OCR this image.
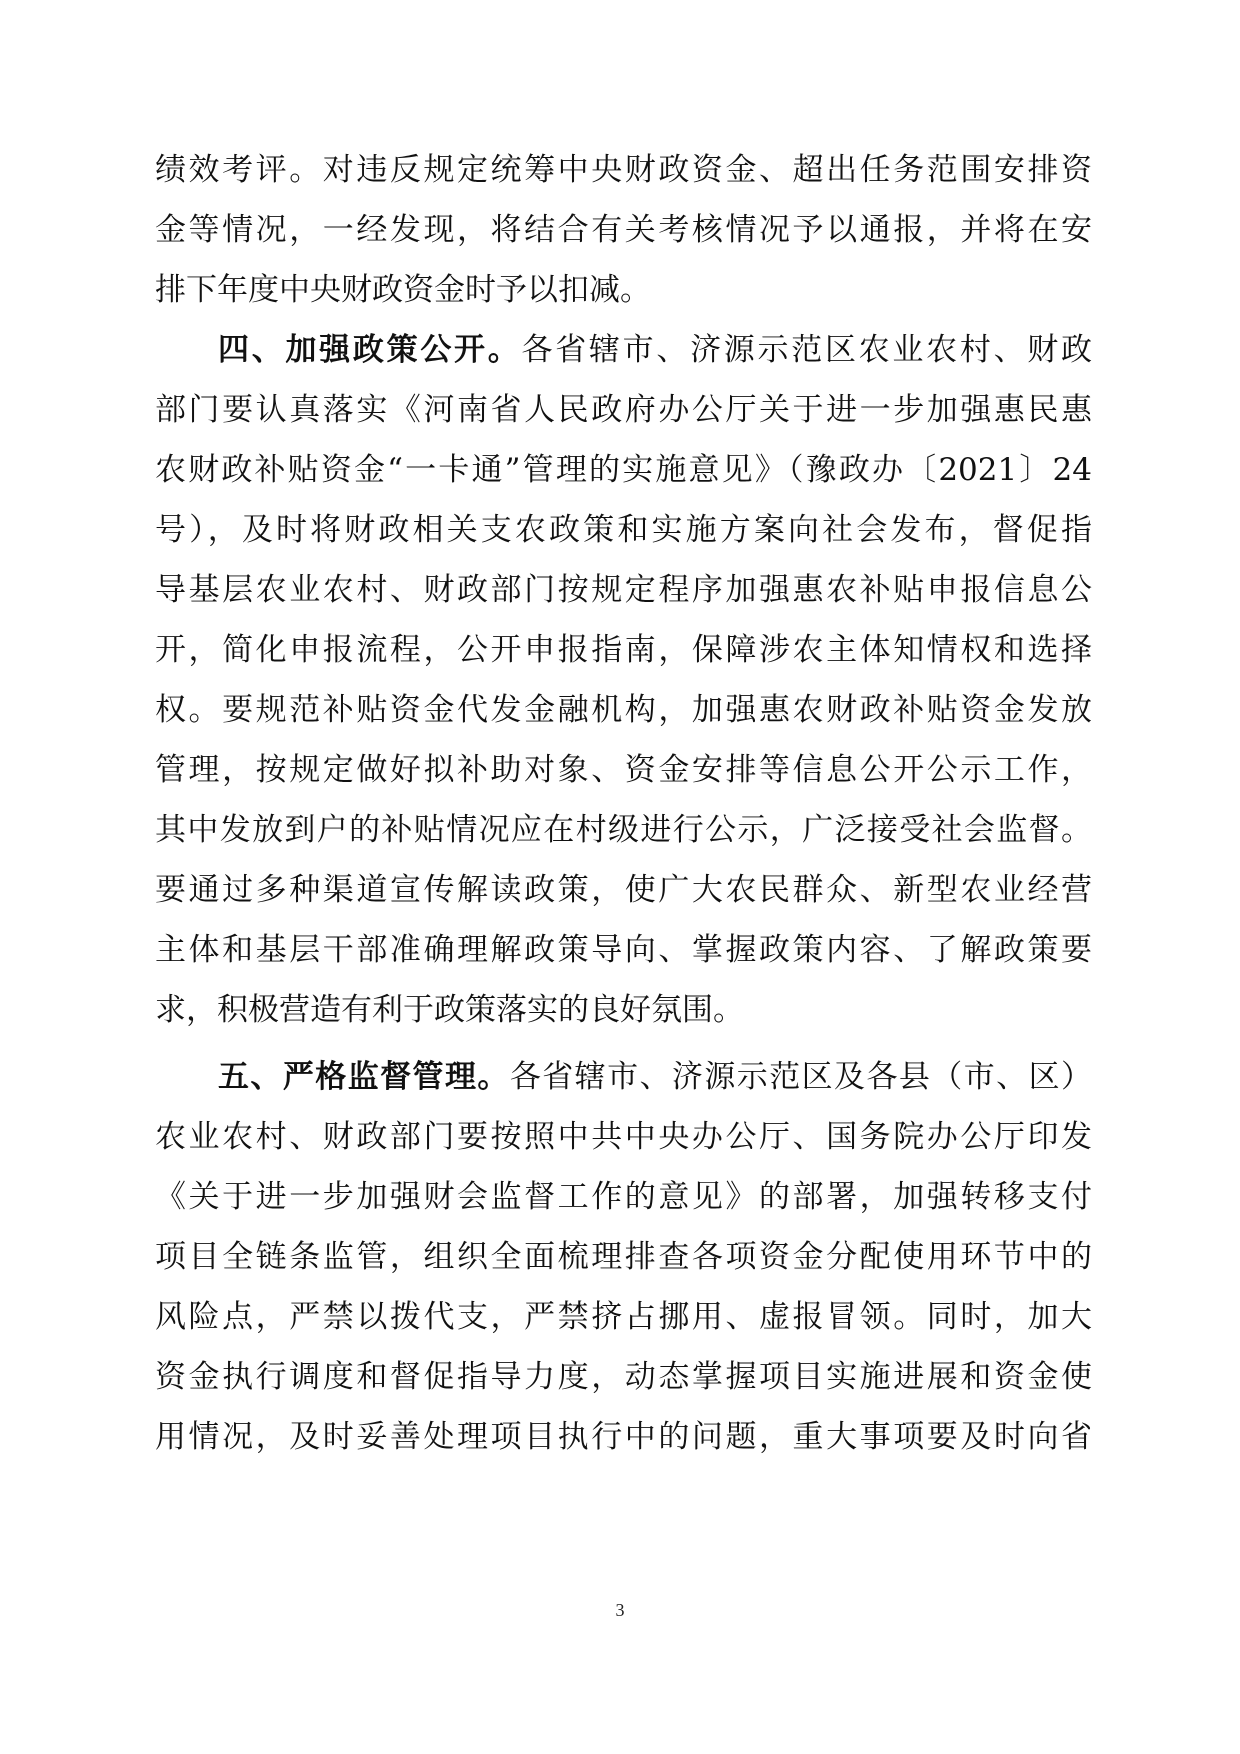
绩效考评。对违反规定统筹中央财政资金、超出任务范围安排资
金等情况，一经发现，将结合有关考核情况予以通报，并将在安
排下年度中央财政资金时予以扣减。
四、加强政策公开。各省辖市、济源示范区农业农村、财政
部门要认真落实《河南省人民政府办公厅关于进一步加强惠民惠
农财政补贴资金“一卡通”管理的实施意见》（豫政办〔2021〕24
号），及时将财政相关支农政策和实施方案向社会发布，督促指
导基层农业农村、财政部门按规定程序加强惠农补贴申报信息公
开，简化申报流程，公开申报指南，保障涉农主体知情权和选择
权。要规范补贴资金代发金融机构，加强惠农财政补贴资金发放
管理，按规定做好拟补助对象、资金安排等信息公开公示工作，
其中发放到户的补贴情况应在村级进行公示，广泛接受社会监督。
要通过多种渠道宣传解读政策，使广大农民群众、新型农业经营
主体和基层干部准确理解政策导向、掌握政策内容、了解政策要
求，积极营造有利于政策落实的良好氛围。
五、严格监督管理。各省辖市、济源示范区及各县（市、区）
农业农村、财政部门要按照中共中央办公厅、国务院办公厅印发
《关于进一步加强财会监督工作的意见》的部署，加强转移支付
项目全链条监管，组织全面梳理排查各项资金分配使用环节中的
风险点，严禁以拨代支，严禁挤占挪用、虚报冒领。同时，加大
资金执行调度和督促指导力度，动态掌握项目实施进展和资金使
用情况，及时妥善处理项目执行中的问题，重大事项要及时向省
3
